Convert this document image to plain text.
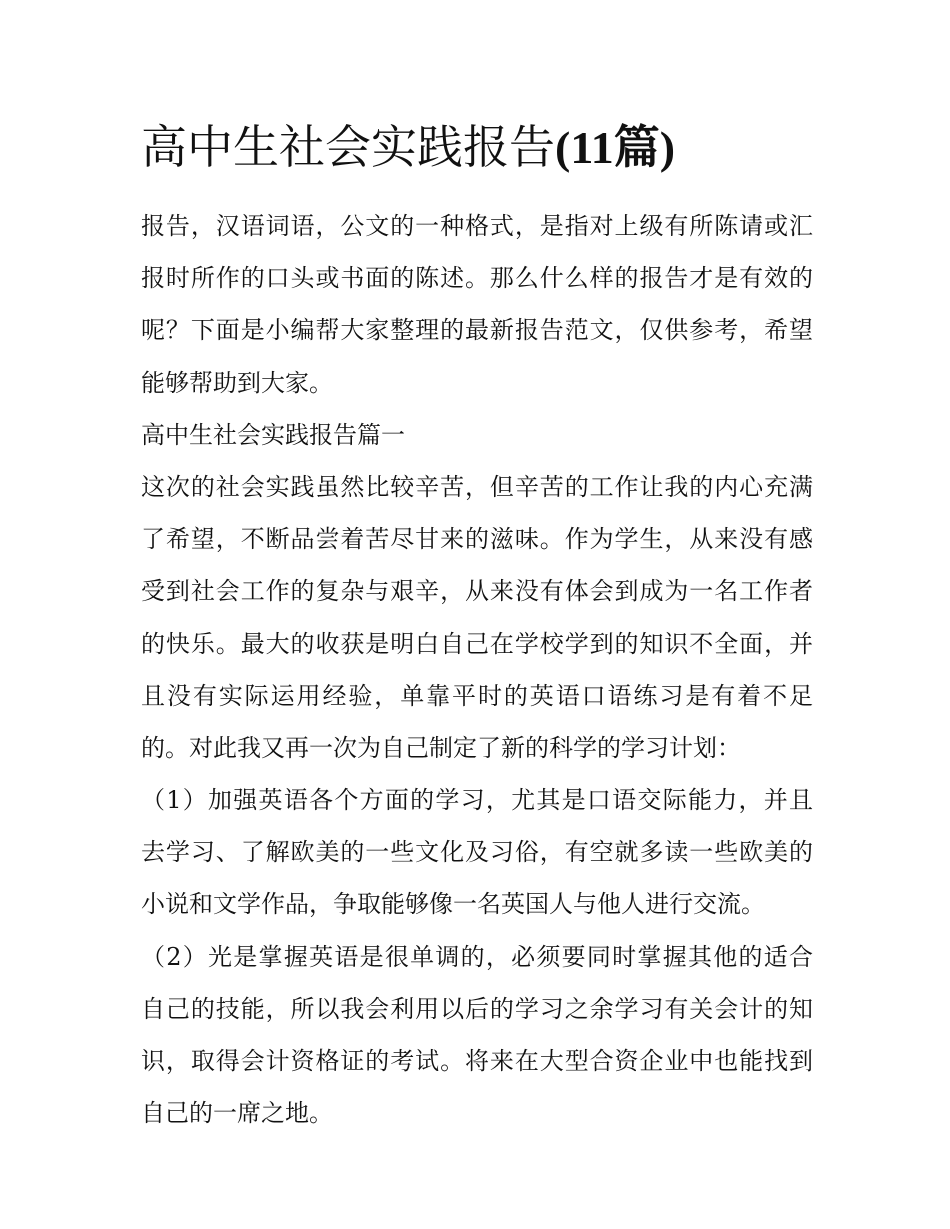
高中生社会实践报告(11篇)
报告，汉语词语，公文的一种格式，是指对上级有所陈请或汇
报时所作的口头或书面的陈述。那么什么样的报告才是有效的
呢？下面是小编帮大家整理的最新报告范文，仅供参考，希望
能够帮助到大家。
高中生社会实践报告篇一
这次的社会实践虽然比较辛苦，但辛苦的工作让我的内心充满
了希望，不断品尝着苦尽甘来的滋味。作为学生，从来没有感
受到社会工作的复杂与艰辛，从来没有体会到成为一名工作者
的快乐。最大的收获是明白自己在学校学到的知识不全面，并
且没有实际运用经验，单靠平时的英语口语练习是有着不足
的。对此我又再一次为自己制定了新的科学的学习计划：
（1）加强英语各个方面的学习，尤其是口语交际能力，并且
去学习、了解欧美的一些文化及习俗，有空就多读一些欧美的
小说和文学作品，争取能够像一名英国人与他人进行交流。
（2）光是掌握英语是很单调的，必须要同时掌握其他的适合
自己的技能，所以我会利用以后的学习之余学习有关会计的知
识，取得会计资格证的考试。将来在大型合资企业中也能找到
自己的一席之地。
